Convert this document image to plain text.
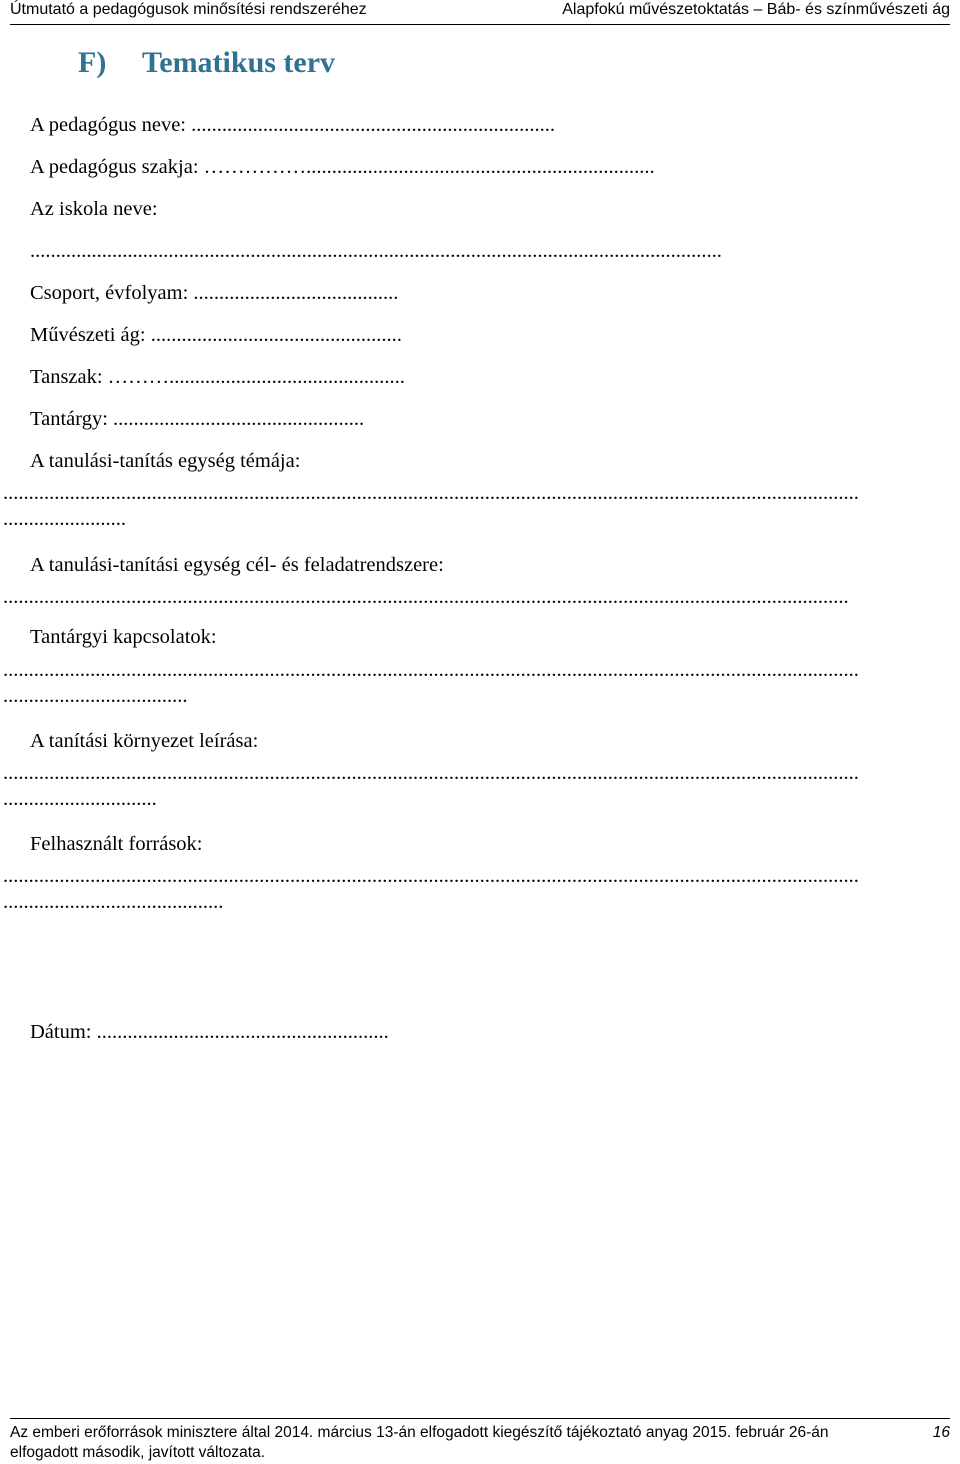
Útmutató a pedagógusok minősítési rendszeréhez	Alapfokú művészetoktatás – Báb- és színművészeti ág
F) Tematikus terv
A pedagógus neve: .......................................................................
A pedagógus szakja: ……………....................................................................
Az iskola neve:
.......................................................................................................................................
Csoport, évfolyam: ........................................
Művészeti ág: .................................................
Tanszak: ………..............................................
Tantárgy: .................................................
A tanulási-tanítás egység témája:
.......................................................................................................................................................................
........................
A tanulási-tanítási egység cél- és feladatrendszere:
.....................................................................................................................................................................
Tantárgyi kapcsolatok:
.......................................................................................................................................................................
....................................
A tanítási környezet leírása:
.......................................................................................................................................................................
..............................
Felhasznált források:
.......................................................................................................................................................................
...........................................
Dátum: .........................................................
Az emberi erőforrások minisztere által 2014. március 13-án elfogadott kiegészítő tájékoztató anyag 2015. február 26-án elfogadott második, javított változata.
16
